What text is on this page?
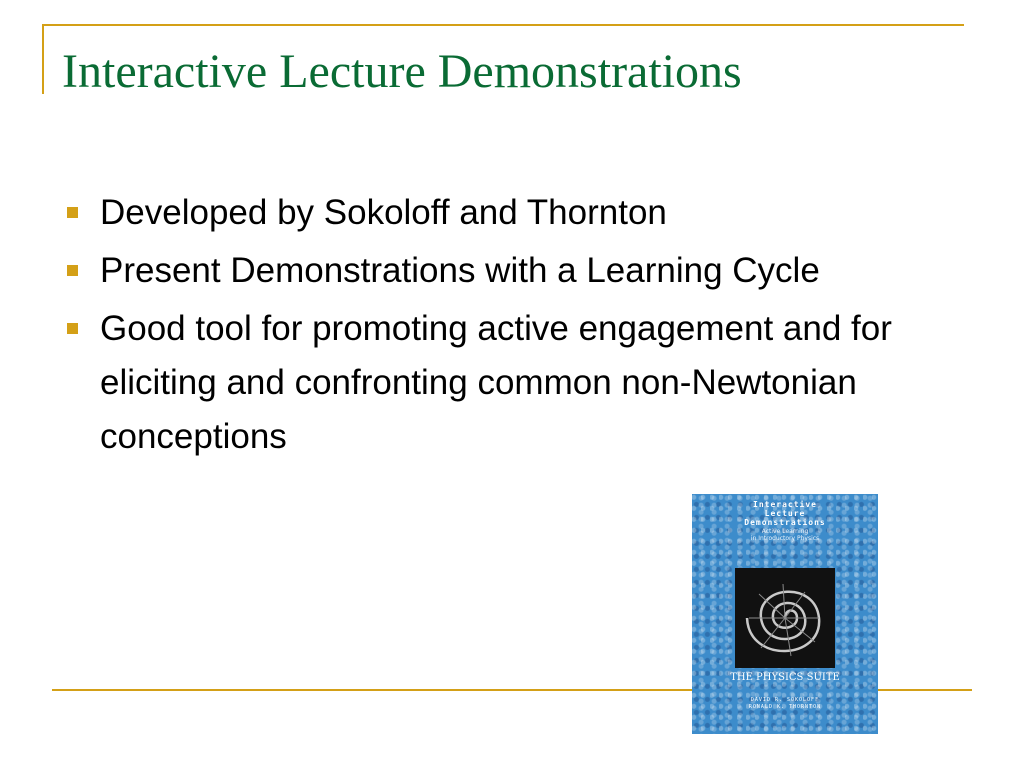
Interactive Lecture Demonstrations
Developed by Sokoloff and Thornton
Present Demonstrations with a Learning Cycle
Good tool for promoting active engagement and for eliciting and confronting common non-Newtonian conceptions
Interactive
Lecture
Demonstrations
Active Learning
in Introductory Physics
THE PHYSICS SUITE
DAVID R. SOKOLOFF
RONALD K. THORNTON
